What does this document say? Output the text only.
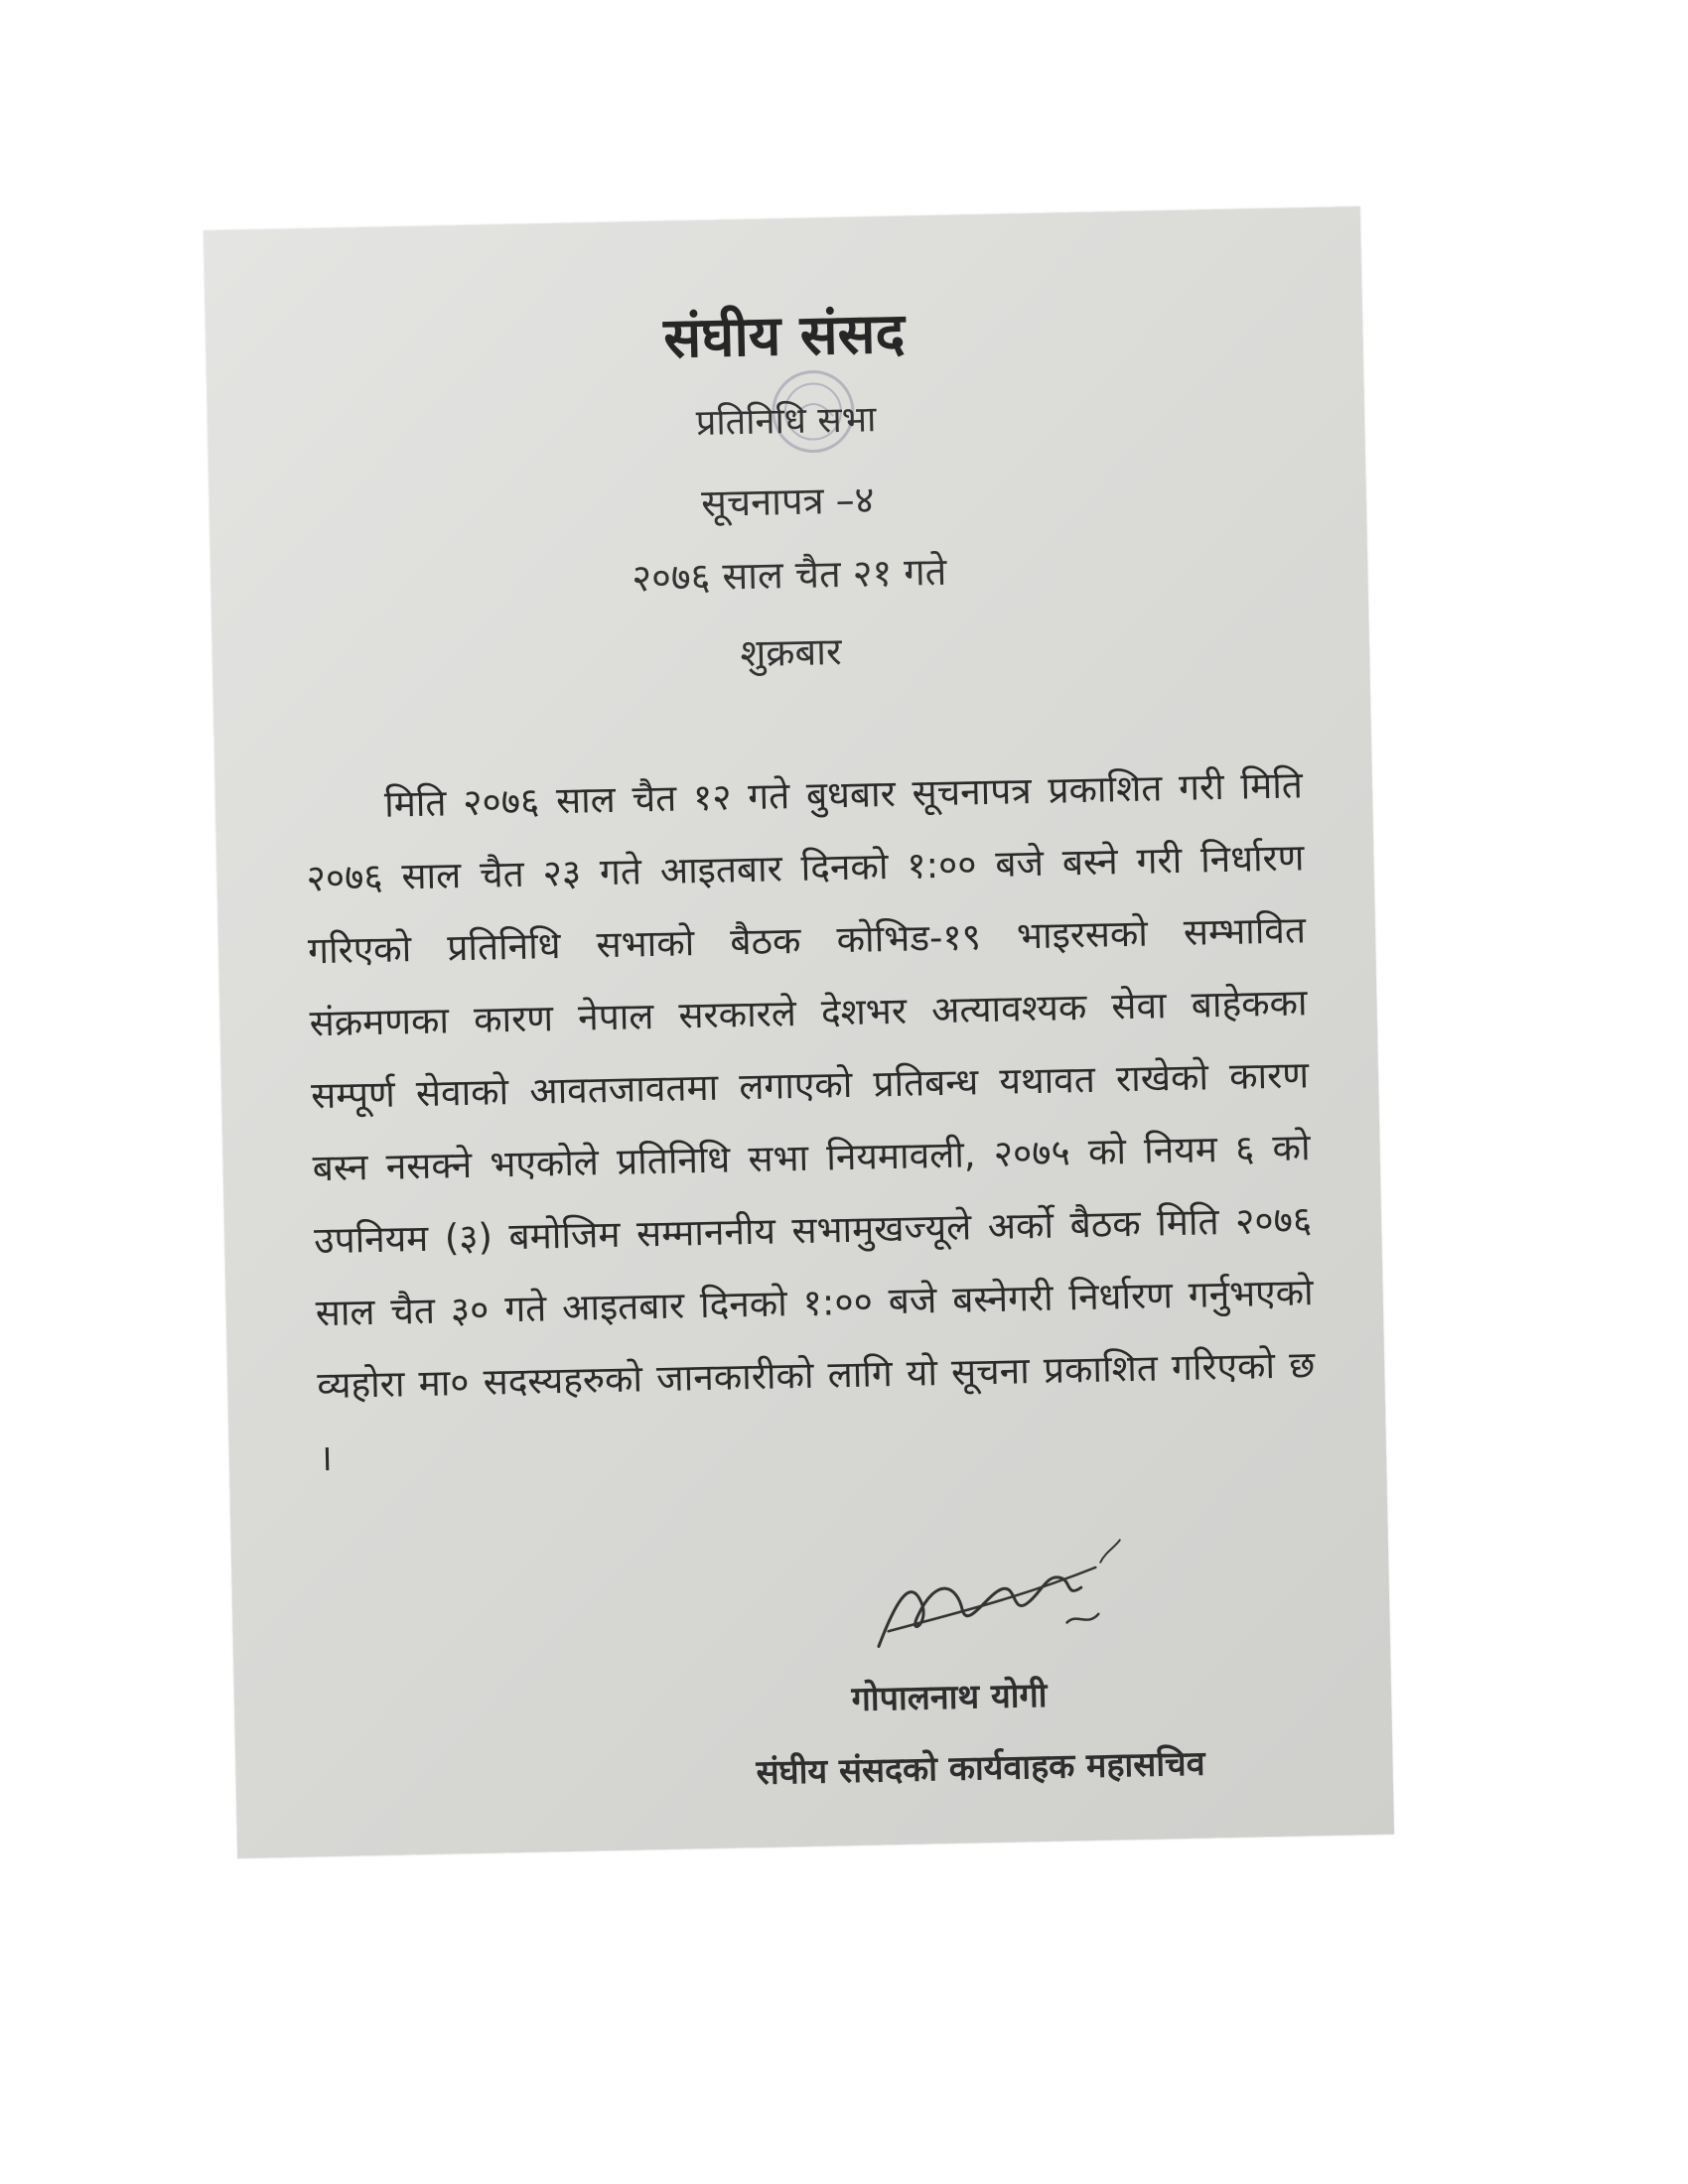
संघीय संसद
प्रतिनिधि सभा
सूचनापत्र –४
२०७६ साल चैत २१ गते
शुक्रबार

मिति २०७६ साल चैत १२ गते बुधबार सूचनापत्र प्रकाशित गरी मिति २०७६ साल चैत २३ गते आइतबार दिनको १:०० बजे बस्ने गरी निर्धारण गरिएको प्रतिनिधि सभाको बैठक कोभिड-१९ भाइरसको सम्भावित संक्रमणका कारण नेपाल सरकारले देशभर अत्यावश्यक सेवा बाहेकका सम्पूर्ण सेवाको आवतजावतमा लगाएको प्रतिबन्ध यथावत राखेको कारण बस्न नसक्ने भएकोले प्रतिनिधि सभा नियमावली, २०७५ को नियम ६ को उपनियम (३) बमोजिम सम्माननीय सभामुखज्यूले अर्को बैठक मिति २०७६ साल चैत ३० गते आइतबार दिनको १:०० बजे बस्नेगरी निर्धारण गर्नुभएको व्यहोरा मा० सदस्यहरुको जानकारीको लागि यो सूचना प्रकाशित गरिएको छ ।

गोपालनाथ योगी
संघीय संसदको कार्यवाहक महासचिव
